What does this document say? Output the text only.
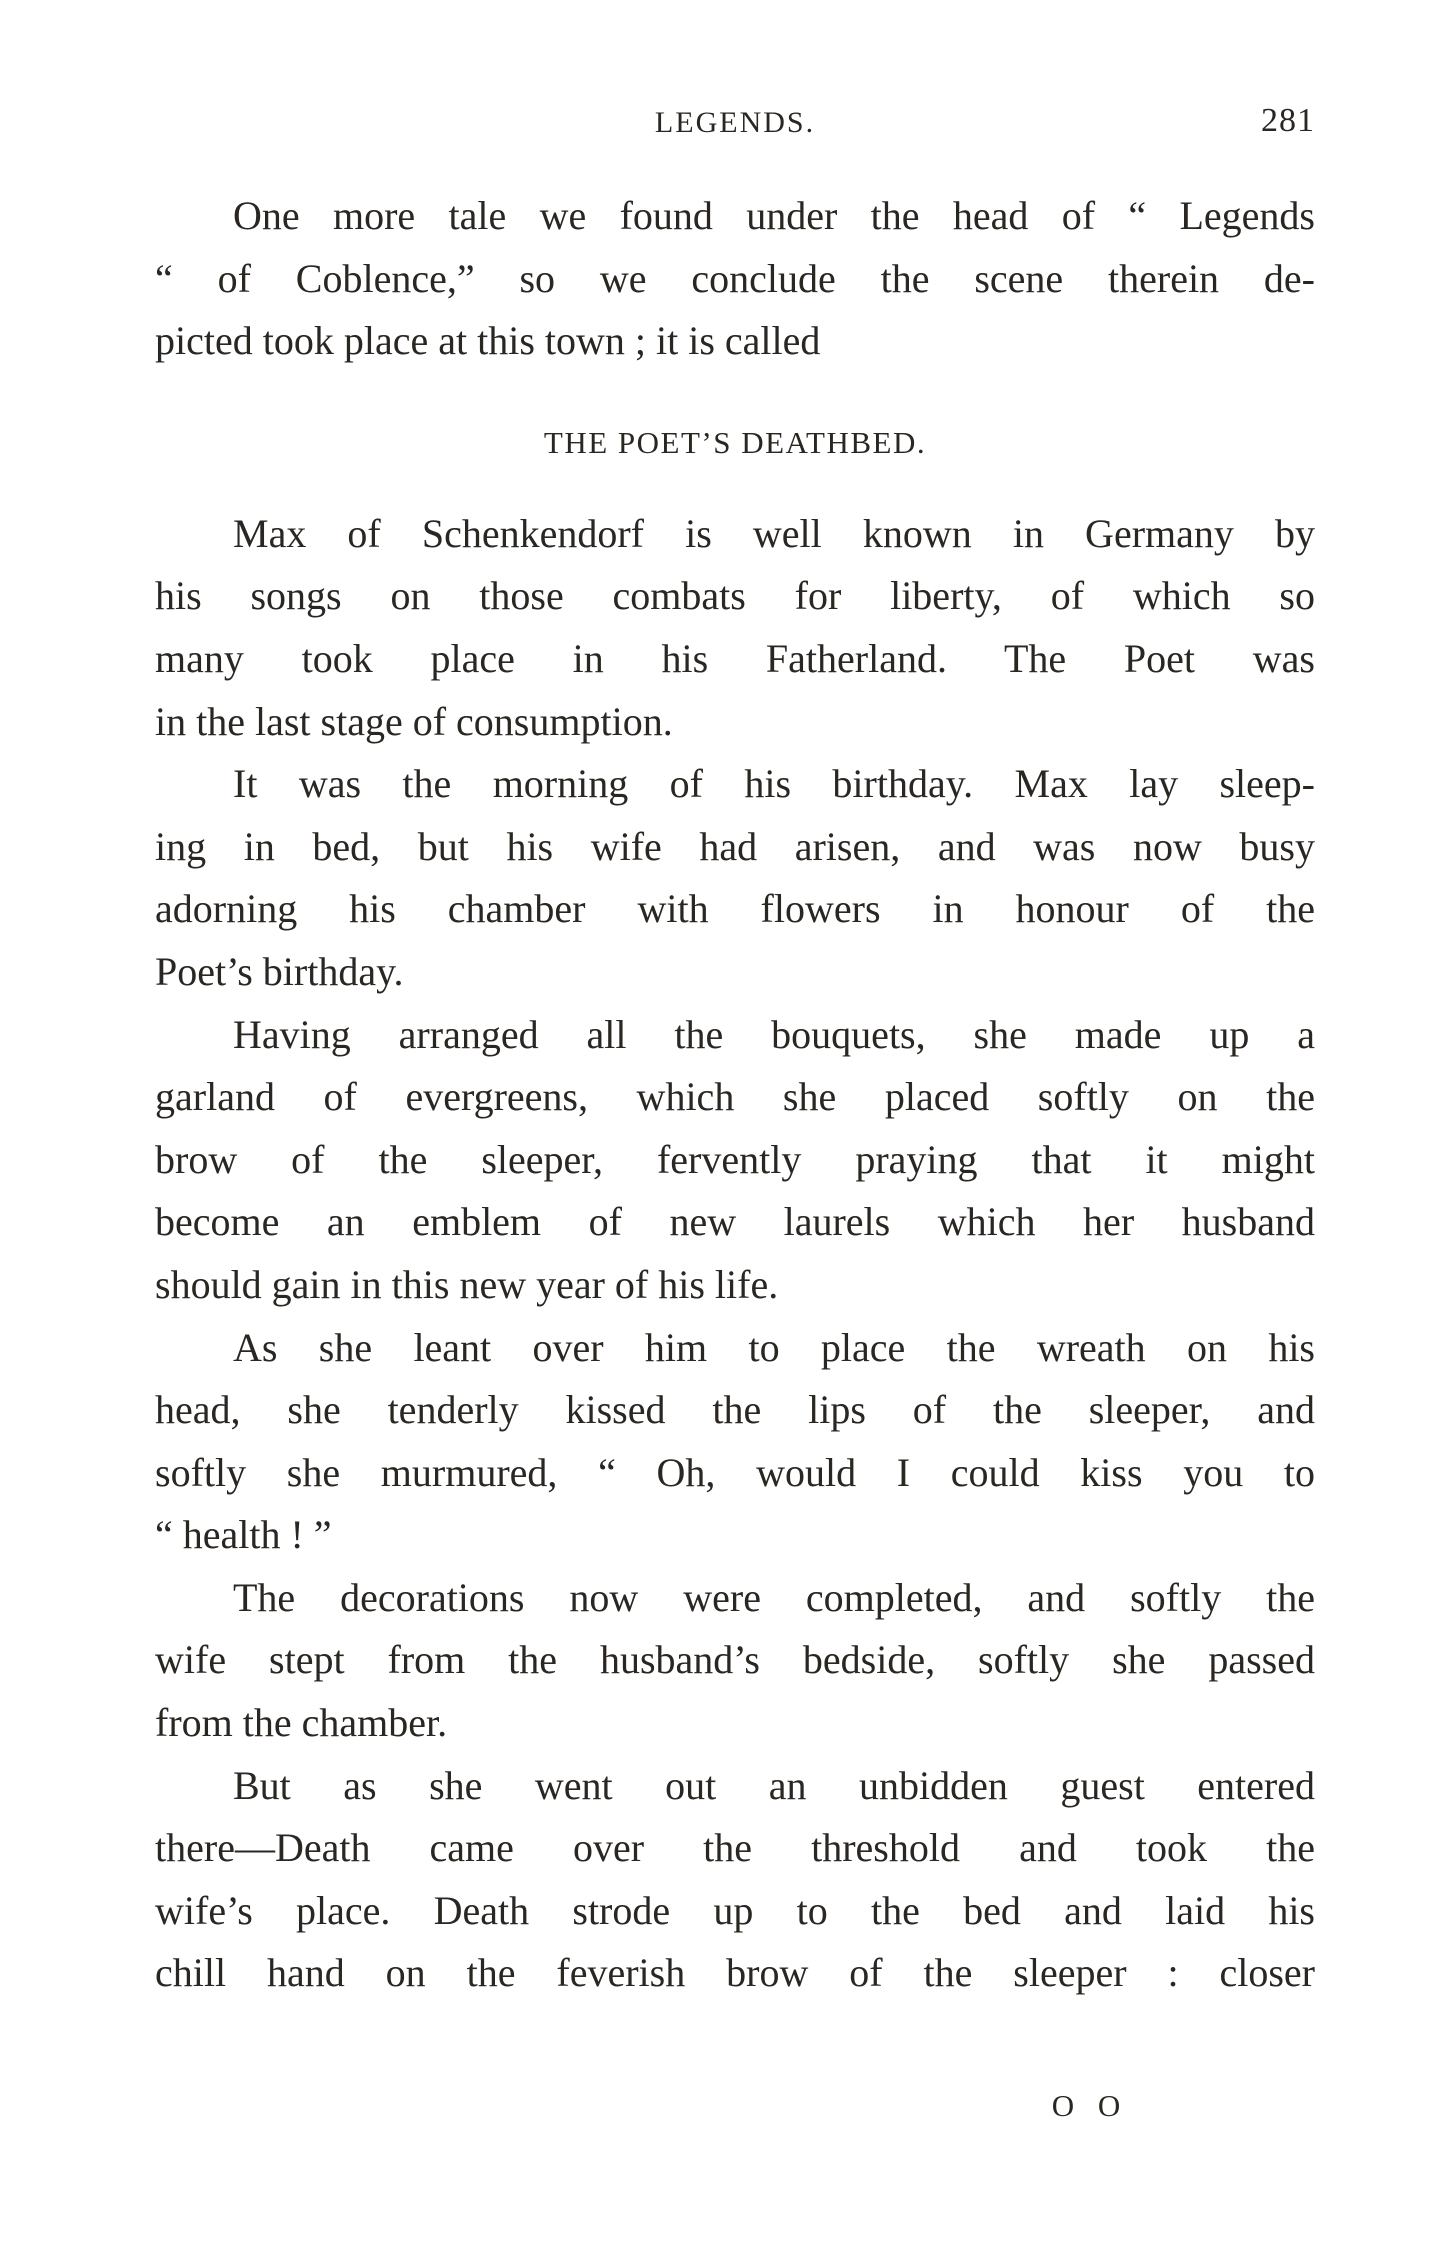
LEGENDS.	281
One more tale we found under the head of “ Legends
“ of Coblence,” so we conclude the scene therein de-
picted took place at this town ; it is called
THE POET’S DEATHBED.
Max of Schenkendorf is well known in Germany by
his songs on those combats for liberty, of which so
many took place in his Fatherland. The Poet was
in the last stage of consumption.
It was the morning of his birthday. Max lay sleep-
ing in bed, but his wife had arisen, and was now busy
adorning his chamber with flowers in honour of the
Poet’s birthday.
Having arranged all the bouquets, she made up a
garland of evergreens, which she placed softly on the
brow of the sleeper, fervently praying that it might
become an emblem of new laurels which her husband
should gain in this new year of his life.
As she leant over him to place the wreath on his
head, she tenderly kissed the lips of the sleeper, and
softly she murmured, “ Oh, would I could kiss you to
“ health ! ”
The decorations now were completed, and softly the
wife stept from the husband’s bedside, softly she passed
from the chamber.
But as she went out an unbidden guest entered
there—Death came over the threshold and took the
wife’s place. Death strode up to the bed and laid his
chill hand on the feverish brow of the sleeper : closer
O O
